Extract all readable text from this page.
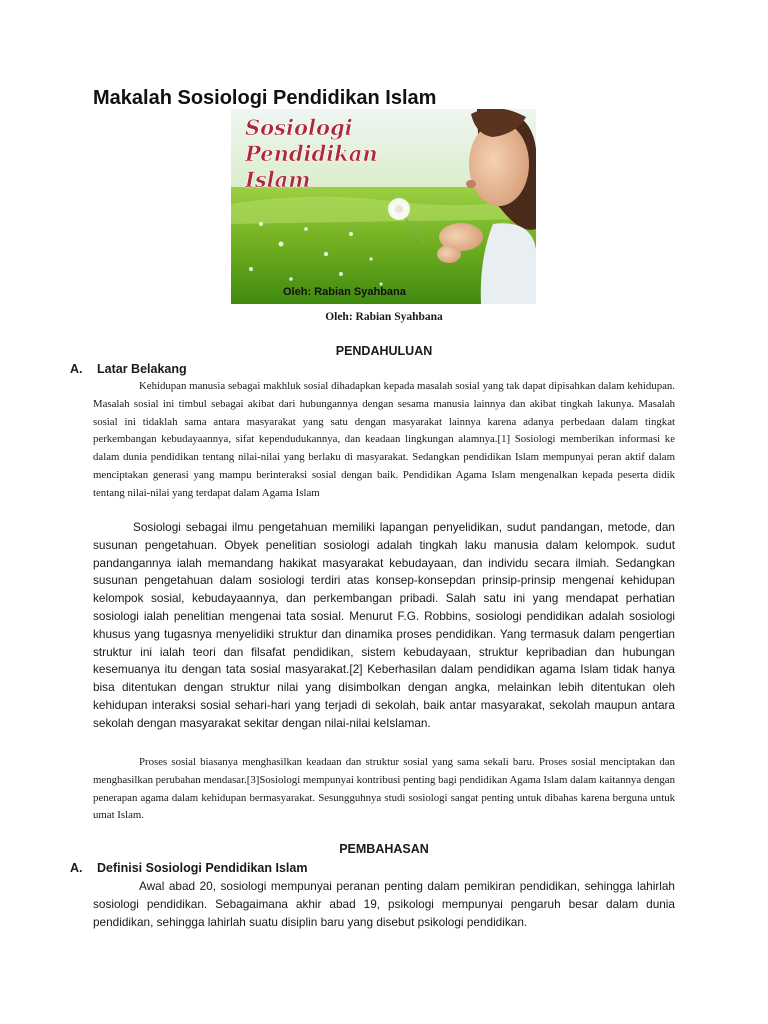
Makalah Sosiologi Pendidikan Islam
Sosiologi
Pendidikan
Islam
Oleh: Rabian Syahbana
Oleh: Rabian Syahbana
PENDAHULUAN
A. Latar Belakang

Kehidupan manusia sebagai makhluk sosial dihadapkan kepada masalah sosial yang tak dapat dipisahkan dalam kehidupan. Masalah sosial ini timbul sebagai akibat dari hubungannya dengan sesama manusia lainnya dan akibat tingkah lakunya. Masalah sosial ini tidaklah sama antara masyarakat yang satu dengan masyarakat lainnya karena adanya perbedaan dalam tingkat perkembangan kebudayaannya, sifat kependudukannya, dan keadaan lingkungan alamnya.[1] Sosiologi memberikan informasi ke dalam dunia pendidikan tentang nilai-nilai yang berlaku di masyarakat. Sedangkan pendidikan Islam mempunyai peran aktif dalam menciptakan generasi yang mampu berinteraksi sosial dengan baik. Pendidikan Agama Islam mengenalkan kepada peserta didik tentang nilai-nilai yang terdapat dalam Agama Islam

Sosiologi sebagai ilmu pengetahuan memiliki lapangan penyelidikan, sudut pandangan, metode, dan susunan pengetahuan. Obyek penelitian sosiologi adalah tingkah laku manusia dalam kelompok. sudut pandangannya ialah memandang hakikat masyarakat kebudayaan, dan individu secara ilmiah. Sedangkan susunan pengetahuan dalam sosiologi terdiri atas konsep-konsepdan prinsip-prinsip mengenai kehidupan kelompok sosial, kebudayaannya, dan perkembangan pribadi. Salah satu ini yang mendapat perhatian sosiologi ialah penelitian mengenai tata sosial. Menurut F.G. Robbins, sosiologi pendidikan adalah sosiologi khusus yang tugasnya menyelidiki struktur dan dinamika proses pendidikan. Yang termasuk dalam pengertian struktur ini ialah teori dan filsafat pendidikan, sistem kebudayaan, struktur kepribadian dan hubungan kesemuanya itu dengan tata sosial masyarakat.[2] Keberhasilan dalam pendidikan agama Islam tidak hanya bisa ditentukan dengan struktur nilai yang disimbolkan dengan angka, melainkan lebih ditentukan oleh kehidupan interaksi sosial sehari-hari yang terjadi di sekolah, baik antar masyarakat, sekolah maupun antara sekolah dengan masyarakat sekitar dengan nilai-nilai keIslaman.

Proses sosial biasanya menghasilkan keadaan dan struktur sosial yang sama sekali baru. Proses sosial menciptakan dan menghasilkan perubahan mendasar.[3]Sosiologi mempunyai kontribusi penting bagi pendidikan Agama Islam dalam kaitannya dengan penerapan agama dalam kehidupan bermasyarakat. Sesungguhnya studi sosiologi sangat penting untuk dibahas karena berguna untuk umat Islam.

PEMBAHASAN
A. Definisi Sosiologi Pendidikan Islam

Awal abad 20, sosiologi mempunyai peranan penting dalam pemikiran pendidikan, sehingga lahirlah sosiologi pendidikan. Sebagaimana akhir abad 19, psikologi mempunyai pengaruh besar dalam dunia pendidikan, sehingga lahirlah suatu disiplin baru yang disebut psikologi pendidikan.
